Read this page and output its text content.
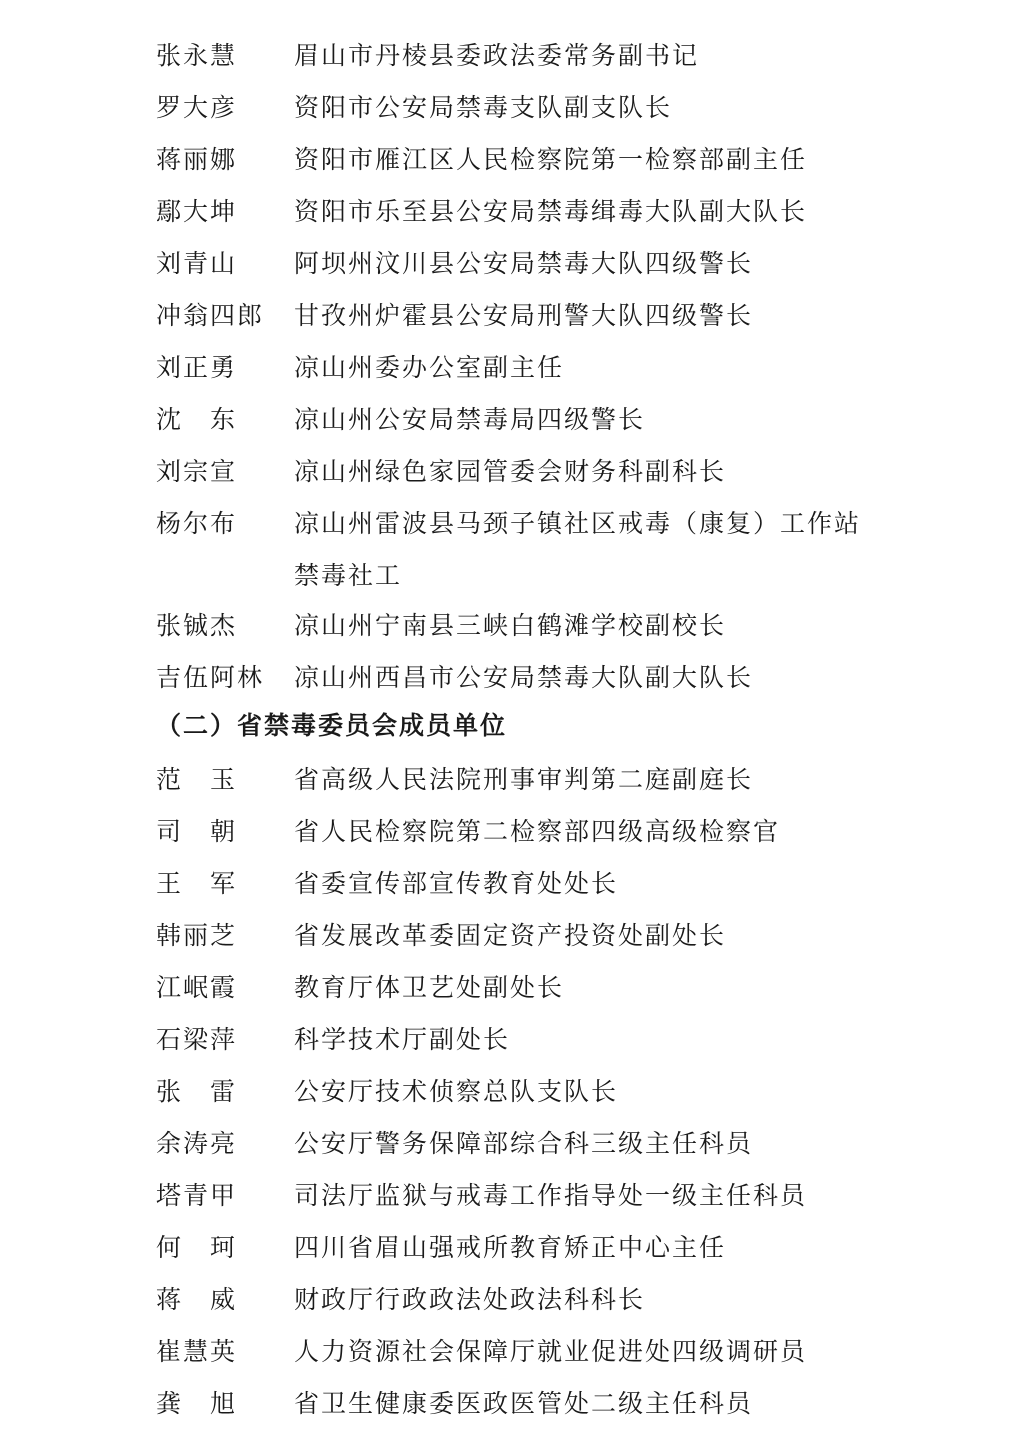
张永慧	眉山市丹棱县委政法委常务副书记
罗大彦	资阳市公安局禁毒支队副支队长
蒋丽娜	资阳市雁江区人民检察院第一检察部副主任
鄢大坤	资阳市乐至县公安局禁毒缉毒大队副大队长
刘青山	阿坝州汶川县公安局禁毒大队四级警长
冲翁四郎	甘孜州炉霍县公安局刑警大队四级警长
刘正勇	凉山州委办公室副主任
沈　东	凉山州公安局禁毒局四级警长
刘宗宣	凉山州绿色家园管委会财务科副科长
杨尔布	凉山州雷波县马颈子镇社区戒毒（康复）工作站禁毒社工
张铖杰	凉山州宁南县三峡白鹤滩学校副校长
吉伍阿林	凉山州西昌市公安局禁毒大队副大队长
（二）省禁毒委员会成员单位
范　玉	省高级人民法院刑事审判第二庭副庭长
司　朝	省人民检察院第二检察部四级高级检察官
王　军	省委宣传部宣传教育处处长
韩丽芝	省发展改革委固定资产投资处副处长
江岷霞	教育厅体卫艺处副处长
石梁萍	科学技术厅副处长
张　雷	公安厅技术侦察总队支队长
余涛亮	公安厅警务保障部综合科三级主任科员
塔青甲	司法厅监狱与戒毒工作指导处一级主任科员
何　珂	四川省眉山强戒所教育矫正中心主任
蒋　威	财政厅行政政法处政法科科长
崔慧英	人力资源社会保障厅就业促进处四级调研员
龚　旭	省卫生健康委医政医管处二级主任科员
